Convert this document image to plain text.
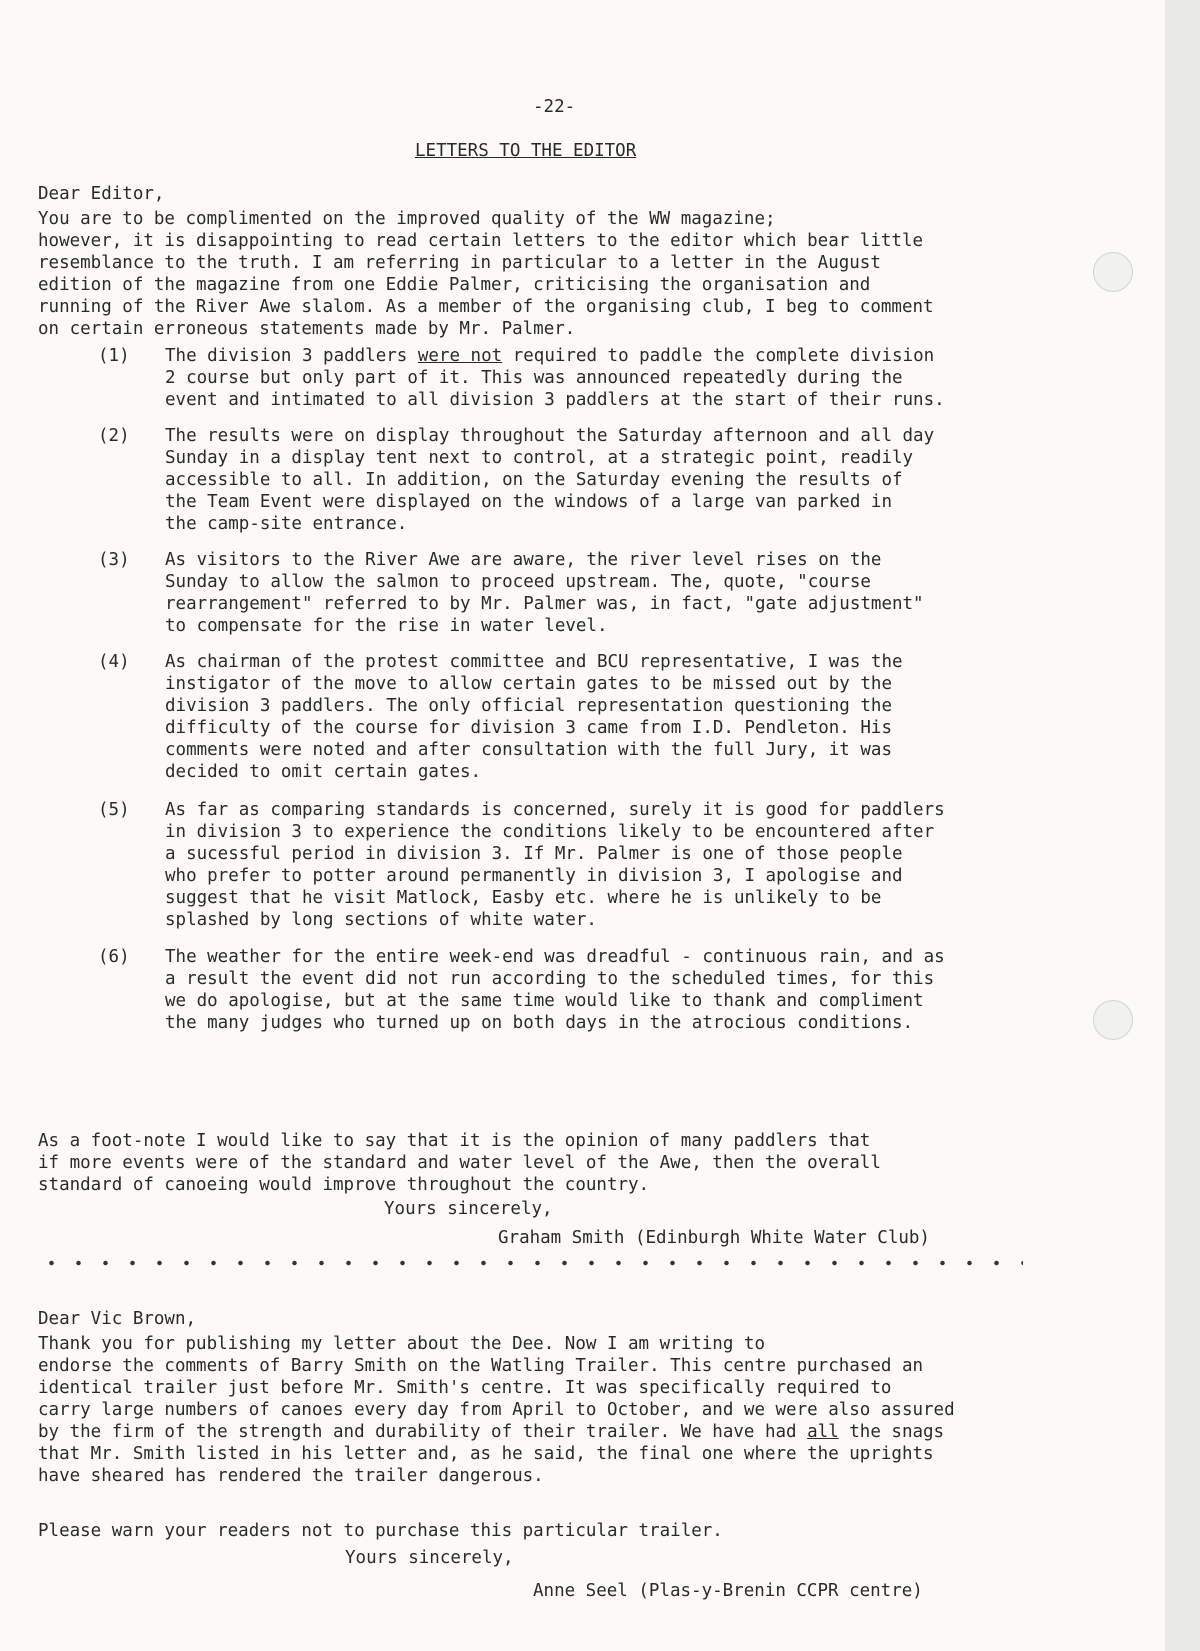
-22-
LETTERS TO THE EDITOR
Dear Editor,
You are to be complimented on the improved quality of the WW magazine;
however, it is disappointing to read certain letters to the editor which bear little
resemblance to the truth. I am referring in particular to a letter in the August
edition of the magazine from one Eddie Palmer, criticising the organisation and
running of the River Awe slalom. As a member of the organising club, I beg to comment
on certain erroneous statements made by Mr. Palmer.
(1) The division 3 paddlers were not required to paddle the complete division
2 course but only part of it. This was announced repeatedly during the
event and intimated to all division 3 paddlers at the start of their runs.
(2) The results were on display throughout the Saturday afternoon and all day
Sunday in a display tent next to control, at a strategic point, readily
accessible to all. In addition, on the Saturday evening the results of
the Team Event were displayed on the windows of a large van parked in
the camp-site entrance.
(3) As visitors to the River Awe are aware, the river level rises on the
Sunday to allow the salmon to proceed upstream. The, quote, "course
rearrangement" referred to by Mr. Palmer was, in fact, "gate adjustment"
to compensate for the rise in water level.
(4) As chairman of the protest committee and BCU representative, I was the
instigator of the move to allow certain gates to be missed out by the
division 3 paddlers. The only official representation questioning the
difficulty of the course for division 3 came from I.D. Pendleton. His
comments were noted and after consultation with the full Jury, it was
decided to omit certain gates.
(5) As far as comparing standards is concerned, surely it is good for paddlers
in division 3 to experience the conditions likely to be encountered after
a sucessful period in division 3. If Mr. Palmer is one of those people
who prefer to potter around permanently in division 3, I apologise and
suggest that he visit Matlock, Easby etc. where he is unlikely to be
splashed by long sections of white water.
(6) The weather for the entire week-end was dreadful - continuous rain, and as
a result the event did not run according to the scheduled times, for this
we do apologise, but at the same time would like to thank and compliment
the many judges who turned up on both days in the atrocious conditions.
As a foot-note I would like to say that it is the opinion of many paddlers that
if more events were of the standard and water level of the Awe, then the overall
standard of canoeing would improve throughout the country.
Yours sincerely,
Graham Smith (Edinburgh White Water Club)
Dear Vic Brown,
Thank you for publishing my letter about the Dee. Now I am writing to
endorse the comments of Barry Smith on the Watling Trailer. This centre purchased an
identical trailer just before Mr. Smith's centre. It was specifically required to
carry large numbers of canoes every day from April to October, and we were also assured
by the firm of the strength and durability of their trailer. We have had all the snags
that Mr. Smith listed in his letter and, as he said, the final one where the uprights
have sheared has rendered the trailer dangerous.
Please warn your readers not to purchase this particular trailer.
Yours sincerely,
Anne Seel (Plas-y-Brenin CCPR centre)
